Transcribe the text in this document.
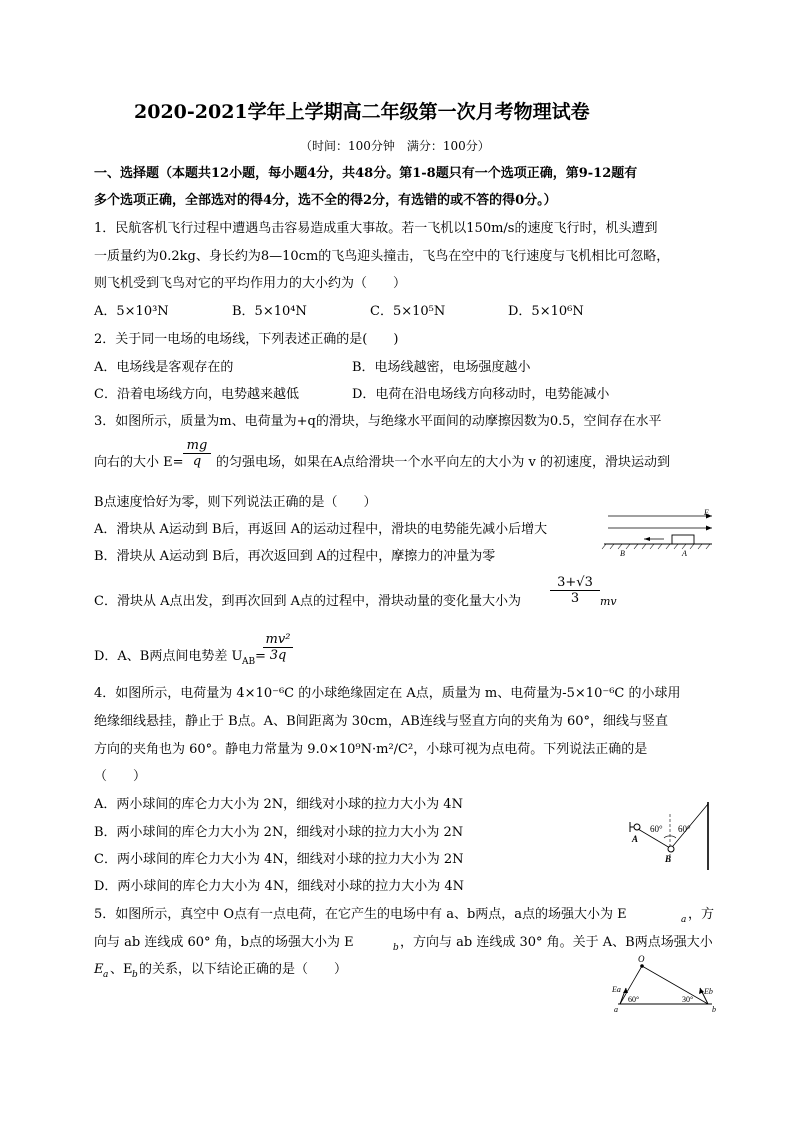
2020-2021学年上学期高二年级第一次月考物理试卷
（时间：100分钟　满分：100分）
一、选择题（本题共12小题，每小题4分，共48分。第1-8题只有一个选项正确，第9-12题有
多个选项正确，全部选对的得4分，选不全的得2分，有选错的或不答的得0分。）
1．民航客机飞行过程中遭遇鸟击容易造成重大事故。若一飞机以150m/s的速度飞行时，机头遭到
一质量约为0.2kg、身长约为8—10cm的飞鸟迎头撞击，飞鸟在空中的飞行速度与飞机相比可忽略，
则飞机受到飞鸟对它的平均作用力的大小约为（　　）
A．5×10³N	B．5×10⁴N	C．5×10⁵N	D．5×10⁶N
2．关于同一电场的电场线，下列表述正确的是(　　)
A．电场线是客观存在的	B．电场线越密，电场强度越小
C．沿着电场线方向，电势越来越低	D．电荷在沿电场线方向移动时，电势能减小
3．如图所示，质量为m、电荷量为+q的滑块，与绝缘水平面间的动摩擦因数为0.5，空间存在水平
向右的大小 $E= \frac{mg}{q}$ 的匀强电场，如果在A点给滑块一个水平向左的大小为 v 的初速度，滑块运动到
B点速度恰好为零，则下列说法正确的是（　　）
A．滑块从 A运动到 B后，再返回 A的运动过程中，滑块的电势能先减小后增大
B．滑块从 A运动到 B后，再次返回到 A的过程中，摩擦力的冲量为零
C．滑块从 A点出发，到再次回到 A点的过程中，滑块动量的变化量大小为 $\frac{3+√3}{3}$ mv
D．A、B两点间电势差 U AB =
$\frac{\text{mv²}}{3q}$
E
B	A
4．如图所示，电荷量为 4×10⁻⁶C 的小球绝缘固定在 A点，质量为 m、电荷量为-5×10⁻⁶C 的小球用
绝缘细线悬挂，静止于 B点。A、B间距离为 30cm，AB连线与竖直方向的夹角为 60°，细线与竖直
方向的夹角也为 60°。静电力常量为 9.0×10⁹N·m²/C²，小球可视为点电荷。下列说法正确的是
（　　）
A．两小球间的库仑力大小为 2N，细线对小球的拉力大小为 4N
B．两小球间的库仑力大小为 2N，细线对小球的拉力大小为 2N
C．两小球间的库仑力大小为 4N，细线对小球的拉力大小为 2N
D．两小球间的库仑力大小为 4N，细线对小球的拉力大小为 4N
60° 60°
A
B
5．如图所示，真空中 O点有一点电荷，在它产生的电场中有 a、b两点，a点的场强大小为 E	a ，方
向与 ab 连线成 60° 角，b点的场强大小为 E	b ，方向与 ab 连线成 30° 角。关于 A、B两点场强大小
E a 、E b 的关系，以下结论正确的是（　　）
O
Ea	Eb
60°	30°
a	b
